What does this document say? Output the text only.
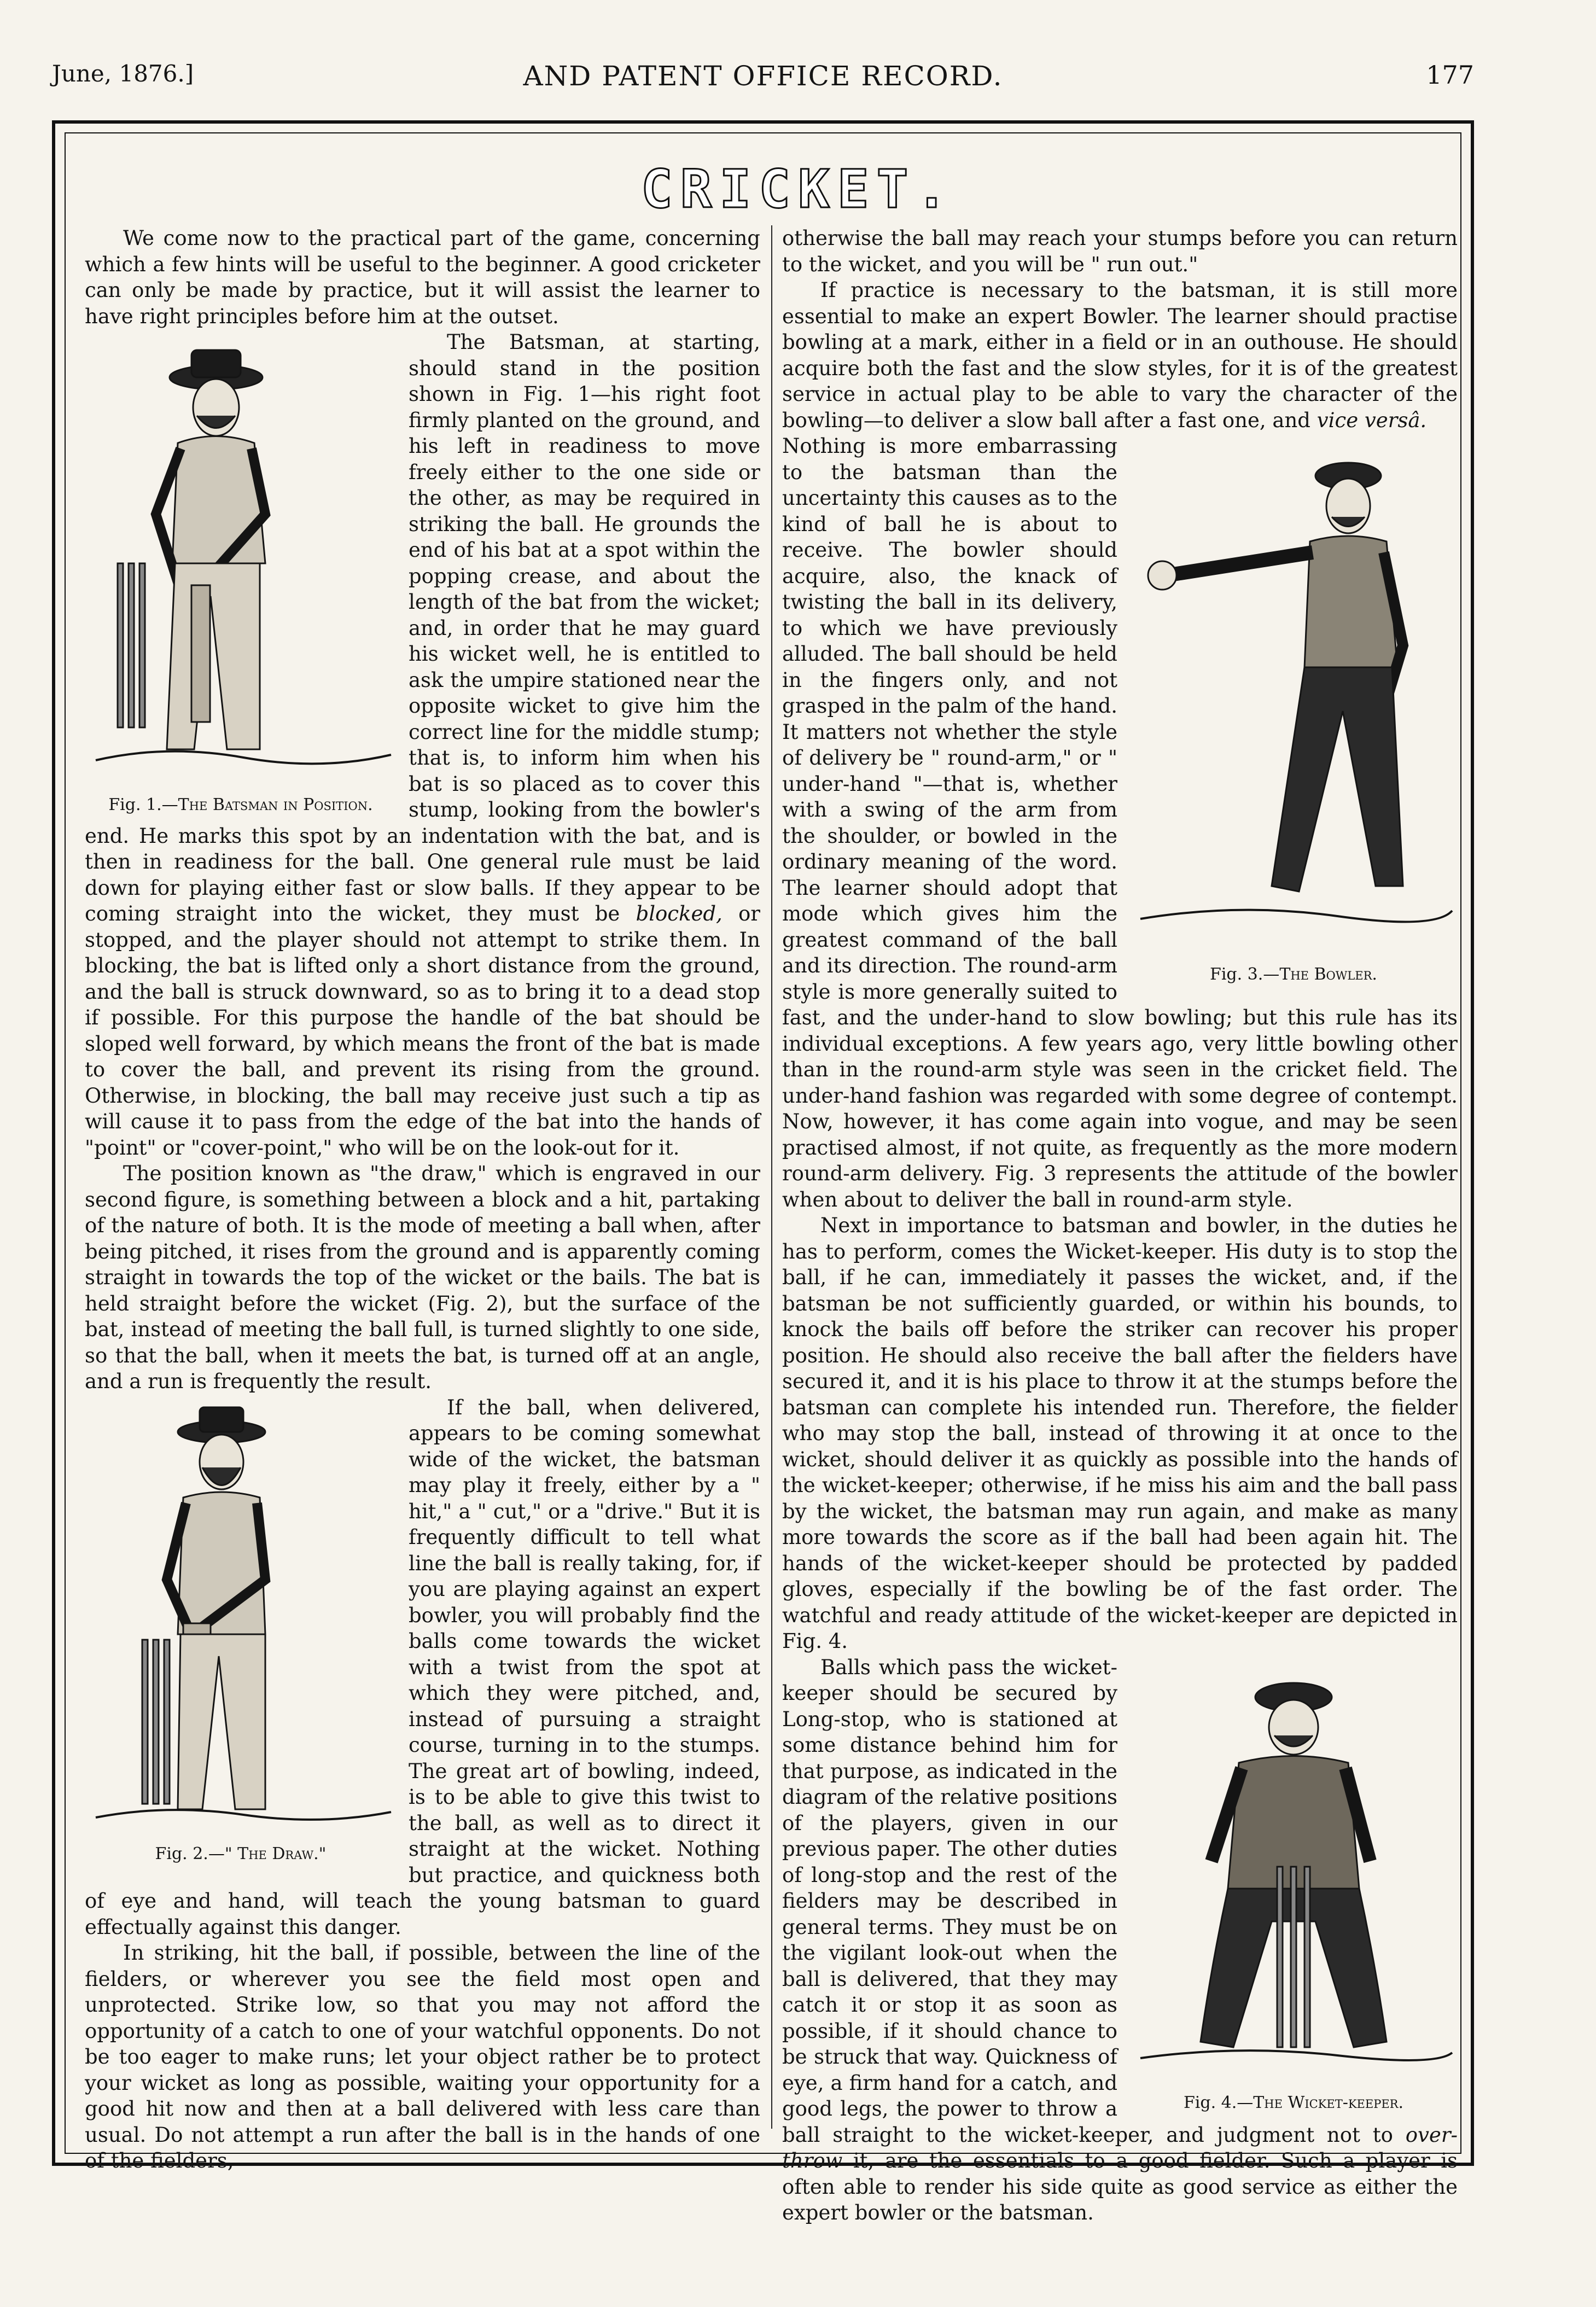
June, 1876.]	AND PATENT OFFICE RECORD.	177
CRICKET.

We come now to the practical part of the game, concerning which a few hints will be useful to the beginner. A good cricketer can only be made by practice, but it will assist the learner to have right principles before him at the outset.

Fig. 1.—The Batsman in Position.

The Batsman, at starting, should stand in the position shown in Fig. 1—his right foot firmly planted on the ground, and his left in readiness to move freely either to the one side or the other, as may be required in striking the ball. He grounds the end of his bat at a spot within the popping crease, and about the length of the bat from the wicket; and, in order that he may guard his wicket well, he is entitled to ask the umpire stationed near the opposite wicket to give him the correct line for the middle stump; that is, to inform him when his bat is so placed as to cover this stump, looking from the bowler's end. He marks this spot by an indentation with the bat, and is then in readiness for the ball. One general rule must be laid down for playing either fast or slow balls. If they appear to be coming straight into the wicket, they must be blocked, or stopped, and the player should not attempt to strike them. In blocking, the bat is lifted only a short distance from the ground, and the ball is struck downward, so as to bring it to a dead stop if possible. For this purpose the handle of the bat should be sloped well forward, by which means the front of the bat is made to cover the ball, and prevent its rising from the ground. Otherwise, in blocking, the ball may receive just such a tip as will cause it to pass from the edge of the bat into the hands of "point" or "cover-point," who will be on the look-out for it.

The position known as "the draw," which is engraved in our second figure, is something between a block and a hit, partaking of the nature of both. It is the mode of meeting a ball when, after being pitched, it rises from the ground and is apparently coming straight in towards the top of the wicket or the bails. The bat is held straight before the wicket (Fig. 2), but the surface of the bat, instead of meeting the ball full, is turned slightly to one side, so that the ball, when it meets the bat, is turned off at an angle, and a run is frequently the result.

Fig. 2.—" The Draw."

If the ball, when delivered, appears to be coming somewhat wide of the wicket, the batsman may play it freely, either by a " hit," a " cut," or a "drive." But it is frequently difficult to tell what line the ball is really taking, for, if you are playing against an expert bowler, you will probably find the balls come towards the wicket with a twist from the spot at which they were pitched, and, instead of pursuing a straight course, turning in to the stumps. The great art of bowling, indeed, is to be able to give this twist to the ball, as well as to direct it straight at the wicket. Nothing but practice, and quickness both of eye and hand, will teach the young batsman to guard effectually against this danger.

In striking, hit the ball, if possible, between the line of the fielders, or wherever you see the field most open and unprotected. Strike low, so that you may not afford the opportunity of a catch to one of your watchful opponents. Do not be too eager to make runs; let your object rather be to protect your wicket as long as possible, waiting your opportunity for a good hit now and then at a ball delivered with less care than usual. Do not attempt a run after the ball is in the hands of one of the fielders,

otherwise the ball may reach your stumps before you can return to the wicket, and you will be " run out."

If practice is necessary to the batsman, it is still more essential to make an expert Bowler. The learner should practise bowling at a mark, either in a field or in an outhouse. He should acquire both the fast and the slow styles, for it is of the greatest service in actual play to be able to vary the character of the bowling—to deliver a slow ball after a fast one, and vice versâ.

Fig. 3.—The Bowler.

Nothing is more embarrassing to the batsman than the uncertainty this causes as to the kind of ball he is about to receive. The bowler should acquire, also, the knack of twisting the ball in its delivery, to which we have previously alluded. The ball should be held in the fingers only, and not grasped in the palm of the hand. It matters not whether the style of delivery be " round-arm," or " under-hand "—that is, whether with a swing of the arm from the shoulder, or bowled in the ordinary meaning of the word. The learner should adopt that mode which gives him the greatest command of the ball and its direction. The round-arm style is more generally suited to fast, and the under-hand to slow bowling; but this rule has its individual exceptions. A few years ago, very little bowling other than in the round-arm style was seen in the cricket field. The under-hand fashion was regarded with some degree of contempt. Now, however, it has come again into vogue, and may be seen practised almost, if not quite, as frequently as the more modern round-arm delivery. Fig. 3 represents the attitude of the bowler when about to deliver the ball in round-arm style.

Next in importance to batsman and bowler, in the duties he has to perform, comes the Wicket-keeper. His duty is to stop the ball, if he can, immediately it passes the wicket, and, if the batsman be not sufficiently guarded, or within his bounds, to knock the bails off before the striker can recover his proper position. He should also receive the ball after the fielders have secured it, and it is his place to throw it at the stumps before the batsman can complete his intended run. Therefore, the fielder who may stop the ball, instead of throwing it at once to the wicket, should deliver it as quickly as possible into the hands of the wicket-keeper; otherwise, if he miss his aim and the ball pass by the wicket, the batsman may run again, and make as many more towards the score as if the ball had been again hit. The hands of the wicket-keeper should be protected by padded gloves, especially if the bowling be of the fast order. The watchful and ready attitude of the wicket-keeper are depicted in Fig. 4.

Fig. 4.—The Wicket-keeper.

Balls which pass the wicket-keeper should be secured by Long-stop, who is stationed at some distance behind him for that purpose, as indicated in the diagram of the relative positions of the players, given in our previous paper. The other duties of long-stop and the rest of the fielders may be described in general terms. They must be on the vigilant look-out when the ball is delivered, that they may catch it or stop it as soon as possible, if it should chance to be struck that way. Quickness of eye, a firm hand for a catch, and good legs, the power to throw a ball straight to the wicket-keeper, and judgment not to over-throw it, are the essentials to a good fielder. Such a player is often able to render his side quite as good service as either the expert bowler or the batsman.
